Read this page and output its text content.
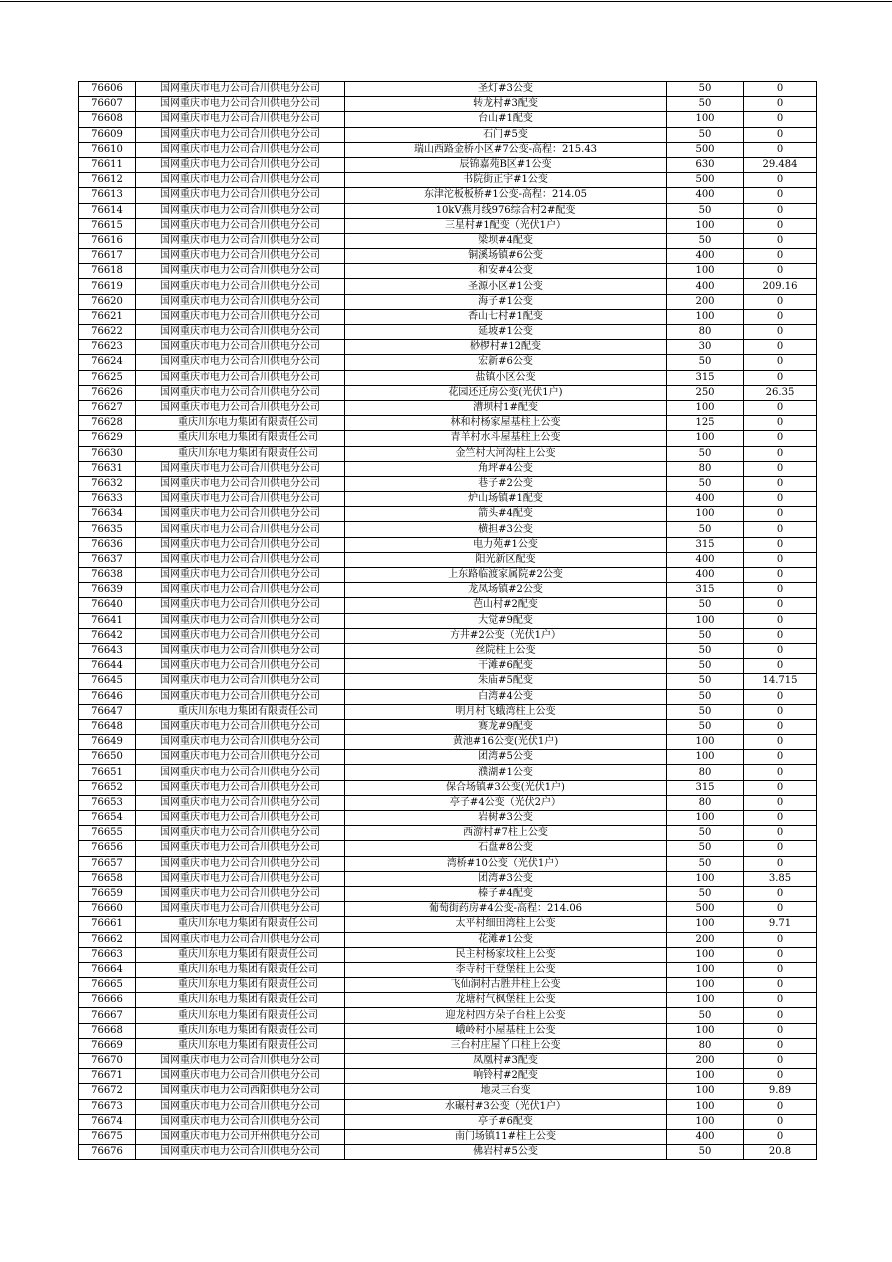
76606	国网重庆市电力公司合川供电分公司	圣灯#3公变	50	0
76607	国网重庆市电力公司合川供电分公司	转龙村#3配变	50	0
76608	国网重庆市电力公司合川供电分公司	台山#1配变	100	0
76609	国网重庆市电力公司合川供电分公司	石门#5变	50	0
76610	国网重庆市电力公司合川供电分公司	瑞山西路金桥小区#7公变-高程：215.43	500	0
76611	国网重庆市电力公司合川供电分公司	辰锦嘉苑B区#1公变	630	29.484
76612	国网重庆市电力公司合川供电分公司	书院街正宇#1公变	500	0
76613	国网重庆市电力公司合川供电分公司	东津沱板板桥#1公变-高程：214.05	400	0
76614	国网重庆市电力公司合川供电分公司	10kV燕月线976综合村2#配变	50	0
76615	国网重庆市电力公司合川供电分公司	三星村#1配变（光伏1户）	100	0
76616	国网重庆市电力公司合川供电分公司	梁坝#4配变	50	0
76617	国网重庆市电力公司合川供电分公司	铜溪场镇#6公变	400	0
76618	国网重庆市电力公司合川供电分公司	和安#4公变	100	0
76619	国网重庆市电力公司合川供电分公司	圣源小区#1公变	400	209.16
76620	国网重庆市电力公司合川供电分公司	海子#1公变	200	0
76621	国网重庆市电力公司合川供电分公司	香山七村#1配变	100	0
76622	国网重庆市电力公司合川供电分公司	延坡#1公变	80	0
76623	国网重庆市电力公司合川供电分公司	桫椤村#12配变	30	0
76624	国网重庆市电力公司合川供电分公司	宏新#6公变	50	0
76625	国网重庆市电力公司合川供电分公司	盐镇小区公变	315	0
76626	国网重庆市电力公司合川供电分公司	花园还迁房公变(光伏1户)	250	26.35
76627	国网重庆市电力公司合川供电分公司	漕坝村1#配变	100	0
76628	重庆川东电力集团有限责任公司	林和村杨家屋基柱上公变	125	0
76629	重庆川东电力集团有限责任公司	青羊村水斗屋基柱上公变	100	0
76630	重庆川东电力集团有限责任公司	金竺村大河沟柱上公变	50	0
76631	国网重庆市电力公司合川供电分公司	角坪#4公变	80	0
76632	国网重庆市电力公司合川供电分公司	巷子#2公变	50	0
76633	国网重庆市电力公司合川供电分公司	炉山场镇#1配变	400	0
76634	国网重庆市电力公司合川供电分公司	箭头#4配变	100	0
76635	国网重庆市电力公司合川供电分公司	横担#3公变	50	0
76636	国网重庆市电力公司合川供电分公司	电力苑#1公变	315	0
76637	国网重庆市电力公司合川供电分公司	阳光新区配变	400	0
76638	国网重庆市电力公司合川供电分公司	上东路临渡家属院#2公变	400	0
76639	国网重庆市电力公司合川供电分公司	龙凤场镇#2公变	315	0
76640	国网重庆市电力公司合川供电分公司	芭山村#2配变	50	0
76641	国网重庆市电力公司合川供电分公司	大觉#9配变	100	0
76642	国网重庆市电力公司合川供电分公司	方井#2公变（光伏1户）	50	0
76643	国网重庆市电力公司合川供电分公司	丝院柱上公变	50	0
76644	国网重庆市电力公司合川供电分公司	干滩#6配变	50	0
76645	国网重庆市电力公司合川供电分公司	朱庙#5配变	50	14.715
76646	国网重庆市电力公司合川供电分公司	白湾#4公变	50	0
76647	重庆川东电力集团有限责任公司	明月村飞蛾湾柱上公变	50	0
76648	国网重庆市电力公司合川供电分公司	赛龙#9配变	50	0
76649	国网重庆市电力公司合川供电分公司	黄池#16公变(光伏1户)	100	0
76650	国网重庆市电力公司合川供电分公司	团湾#5公变	100	0
76651	国网重庆市电力公司合川供电分公司	濮湖#1公变	80	0
76652	国网重庆市电力公司合川供电分公司	保合场镇#3公变(光伏1户)	315	0
76653	国网重庆市电力公司合川供电分公司	亭子#4公变（光伏2户）	80	0
76654	国网重庆市电力公司合川供电分公司	岩树#3公变	100	0
76655	国网重庆市电力公司合川供电分公司	西游村#7柱上公变	50	0
76656	国网重庆市电力公司合川供电分公司	石盘#8公变	50	0
76657	国网重庆市电力公司合川供电分公司	湾桥#10公变（光伏1户）	50	0
76658	国网重庆市电力公司合川供电分公司	团湾#3公变	100	3.85
76659	国网重庆市电力公司合川供电分公司	榛子#4配变	50	0
76660	国网重庆市电力公司合川供电分公司	葡萄街药房#4公变-高程：214.06	500	0
76661	重庆川东电力集团有限责任公司	太平村细田湾柱上公变	100	9.71
76662	国网重庆市电力公司合川供电分公司	花滩#1公变	200	0
76663	重庆川东电力集团有限责任公司	民主村杨家坟柱上公变	100	0
76664	重庆川东电力集团有限责任公司	李寺村干登堡柱上公变	100	0
76665	重庆川东电力集团有限责任公司	飞仙洞村古胜井柱上公变	100	0
76666	重庆川东电力集团有限责任公司	龙塘村气枫堡柱上公变	100	0
76667	重庆川东电力集团有限责任公司	迎龙村四方朵子台柱上公变	50	0
76668	重庆川东电力集团有限责任公司	峨岭村小屋基柱上公变	100	0
76669	重庆川东电力集团有限责任公司	三台村庄屋丫口柱上公变	80	0
76670	国网重庆市电力公司合川供电分公司	凤凰村#3配变	200	0
76671	国网重庆市电力公司合川供电分公司	响铃村#2配变	100	0
76672	国网重庆市电力公司西阳供电分公司	地灵三台变	100	9.89
76673	国网重庆市电力公司合川供电分公司	水碾村#3公变（光伏1户）	100	0
76674	国网重庆市电力公司合川供电分公司	亭子#6配变	100	0
76675	国网重庆市电力公司开州供电分公司	南门场镇11#柱上公变	400	0
76676	国网重庆市电力公司合川供电分公司	佛岩村#5公变	50	20.8
